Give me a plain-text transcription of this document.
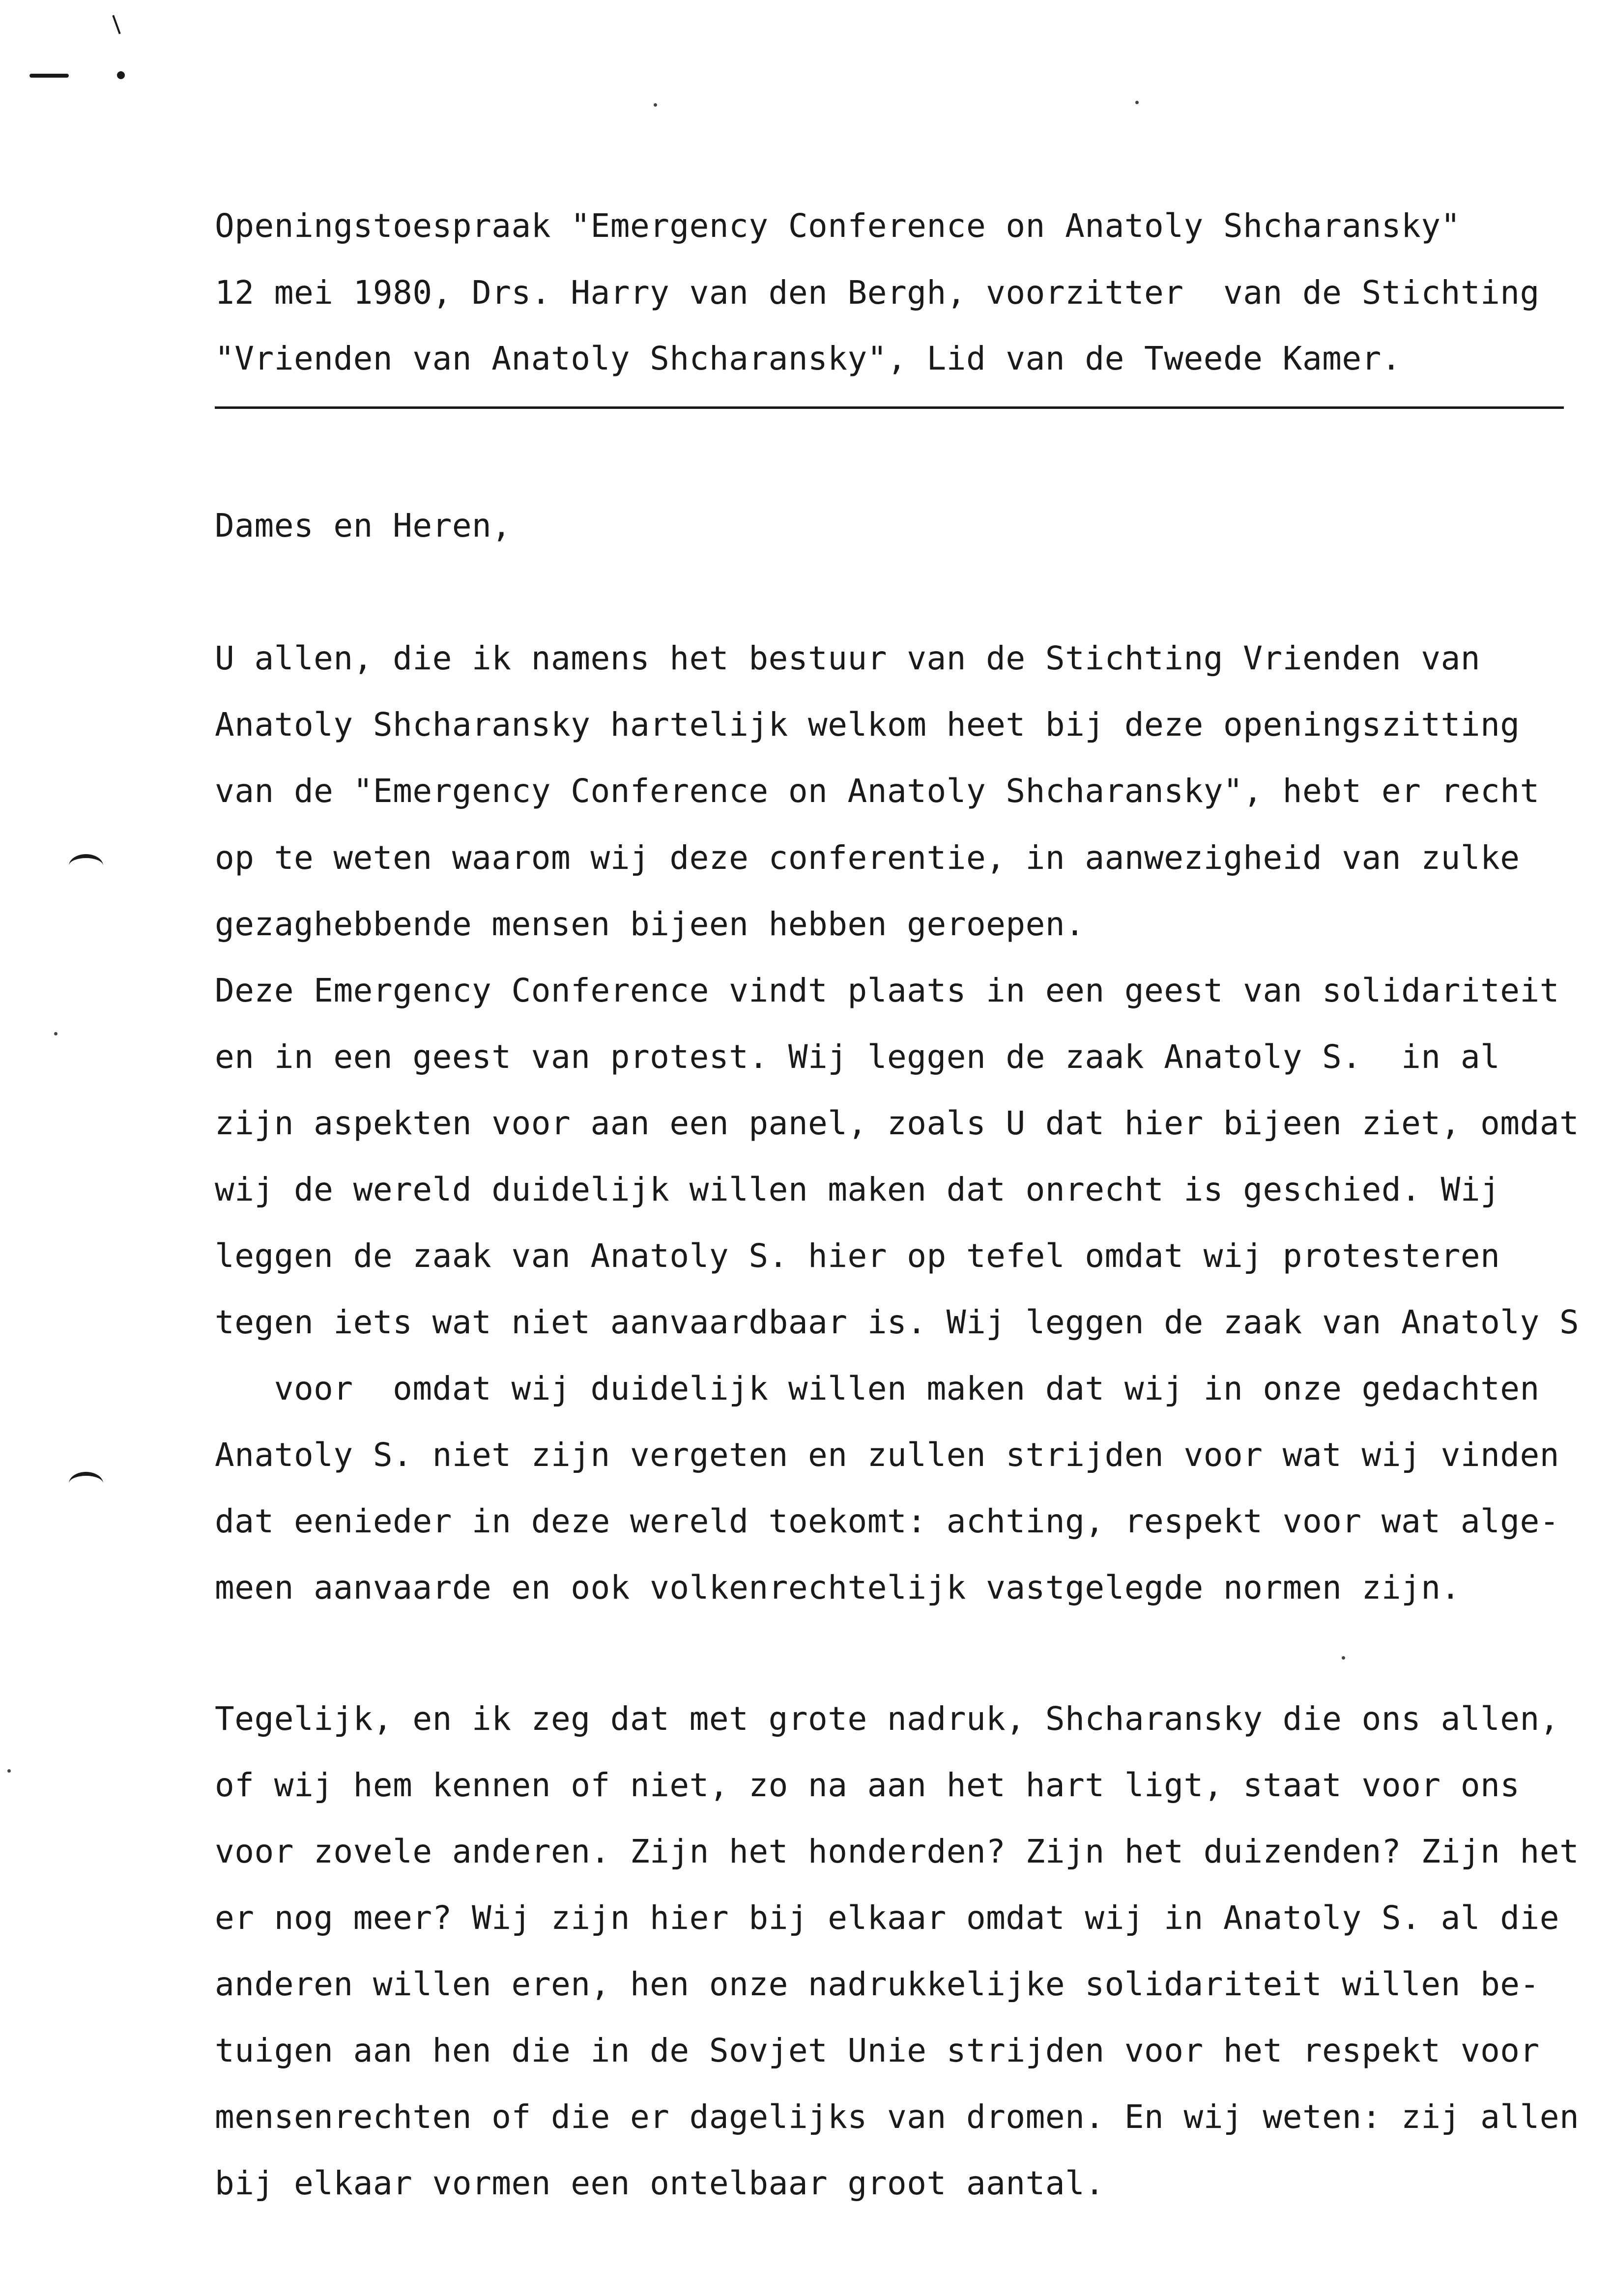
Openingstoespraak "Emergency Conference on Anatoly Shcharansky"
12 mei 1980, Drs. Harry van den Bergh, voorzitter  van de Stichting
"Vrienden van Anatoly Shcharansky", Lid van de Tweede Kamer.
Dames en Heren,
U allen, die ik namens het bestuur van de Stichting Vrienden van
Anatoly Shcharansky hartelijk welkom heet bij deze openingszitting
van de "Emergency Conference on Anatoly Shcharansky", hebt er recht
op te weten waarom wij deze conferentie, in aanwezigheid van zulke
gezaghebbende mensen bijeen hebben geroepen.
Deze Emergency Conference vindt plaats in een geest van solidariteit
en in een geest van protest. Wij leggen de zaak Anatoly S.  in al
zijn aspekten voor aan een panel, zoals U dat hier bijeen ziet, omdat
wij de wereld duidelijk willen maken dat onrecht is geschied. Wij
leggen de zaak van Anatoly S. hier op tefel omdat wij protesteren
tegen iets wat niet aanvaardbaar is. Wij leggen de zaak van Anatoly S
voor  omdat wij duidelijk willen maken dat wij in onze gedachten
Anatoly S. niet zijn vergeten en zullen strijden voor wat wij vinden
dat eenieder in deze wereld toekomt: achting, respekt voor wat alge-
meen aanvaarde en ook volkenrechtelijk vastgelegde normen zijn.
Tegelijk, en ik zeg dat met grote nadruk, Shcharansky die ons allen,
of wij hem kennen of niet, zo na aan het hart ligt, staat voor ons
voor zovele anderen. Zijn het honderden? Zijn het duizenden? Zijn het
er nog meer? Wij zijn hier bij elkaar omdat wij in Anatoly S. al die
anderen willen eren, hen onze nadrukkelijke solidariteit willen be-
tuigen aan hen die in de Sovjet Unie strijden voor het respekt voor
mensenrechten of die er dagelijks van dromen. En wij weten: zij allen
bij elkaar vormen een ontelbaar groot aantal.
